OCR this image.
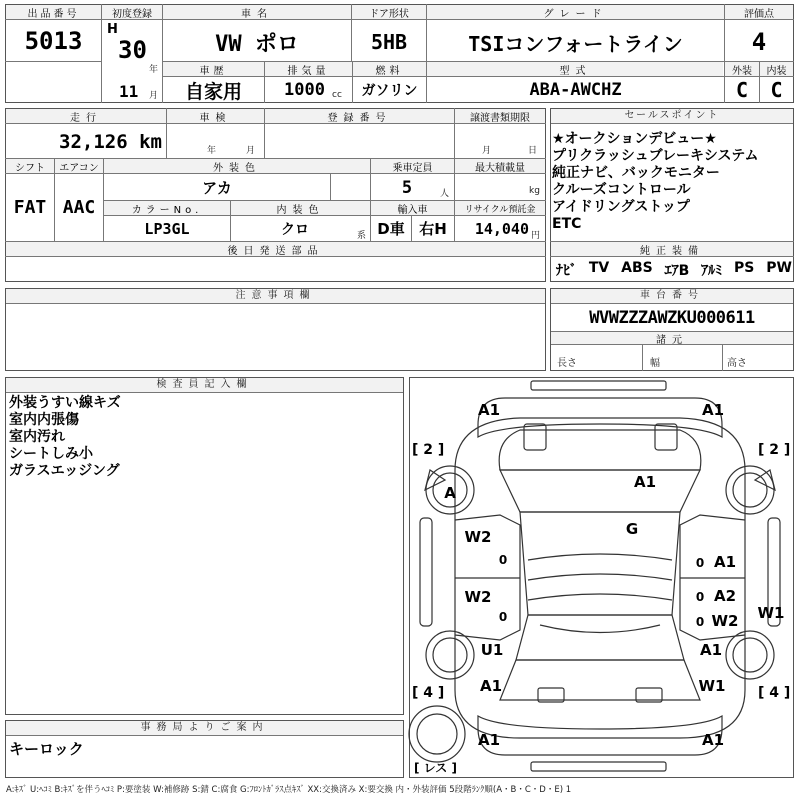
出品番号
5013
初度登録
H
30
年
11 月
車名
VW ポロ
ドア形状
5HB
グレード
TSIコンフォートライン
評価点
4
車歴
自家用
排気量
1000 cc
燃料
ガソリン
型式
ABA-AWCHZ
外装	内装
C	C
走行
32,126 km
車検
年	月
登録番号	譲渡書類期限
月	日
シフト
FAT
エアコン
AAC
外装色
アカ
乗車定員
5	人
最大積載量
kg
カラーNo.
LP3GL
内装色
クロ	系
輸入車
D車 右H
リサイクル預託金
14,040 円
後日発送部品
セールスポイント
★オークションデビュー★
プリクラッシュブレーキシステム
純正ナビ、バックモニター
クルーズコントロール
アイドリングストップ
ETC
純正装備
ﾅﾋﾞ TV ABS ｴｱB ｱﾙﾐ PS PW
注意事項欄	車台番号
WVWZZZAWZKU000611
諸元
長さ	幅	高さ
検査員記入欄
外装うすい線キズ
室内内張傷
室内汚れ
シートしみ小
ガラスエッジング
事務局よりご案内
キーロック
A1	A1
A
A1
G
W2
0	0 A1
W2
0
0 A2
0 W2 W1
U1	A1
A1	W1
A1	A1
[ 2 ]	[ 2 ]
[ 4 ]	[ 4 ]
[ レス ]
A:ｷｽﾞ U:ﾍｺﾐ B:ｷｽﾞを伴うﾍｺﾐ P:要塗装 W:補修跡 S:錆 C:腐食 G:ﾌﾛﾝﾄｶﾞﾗｽ点ｷｽﾞ XX:交換済み X:要交換 内・外装評価 5段階ﾗﾝｸ順(A・B・C・D・E) 1
